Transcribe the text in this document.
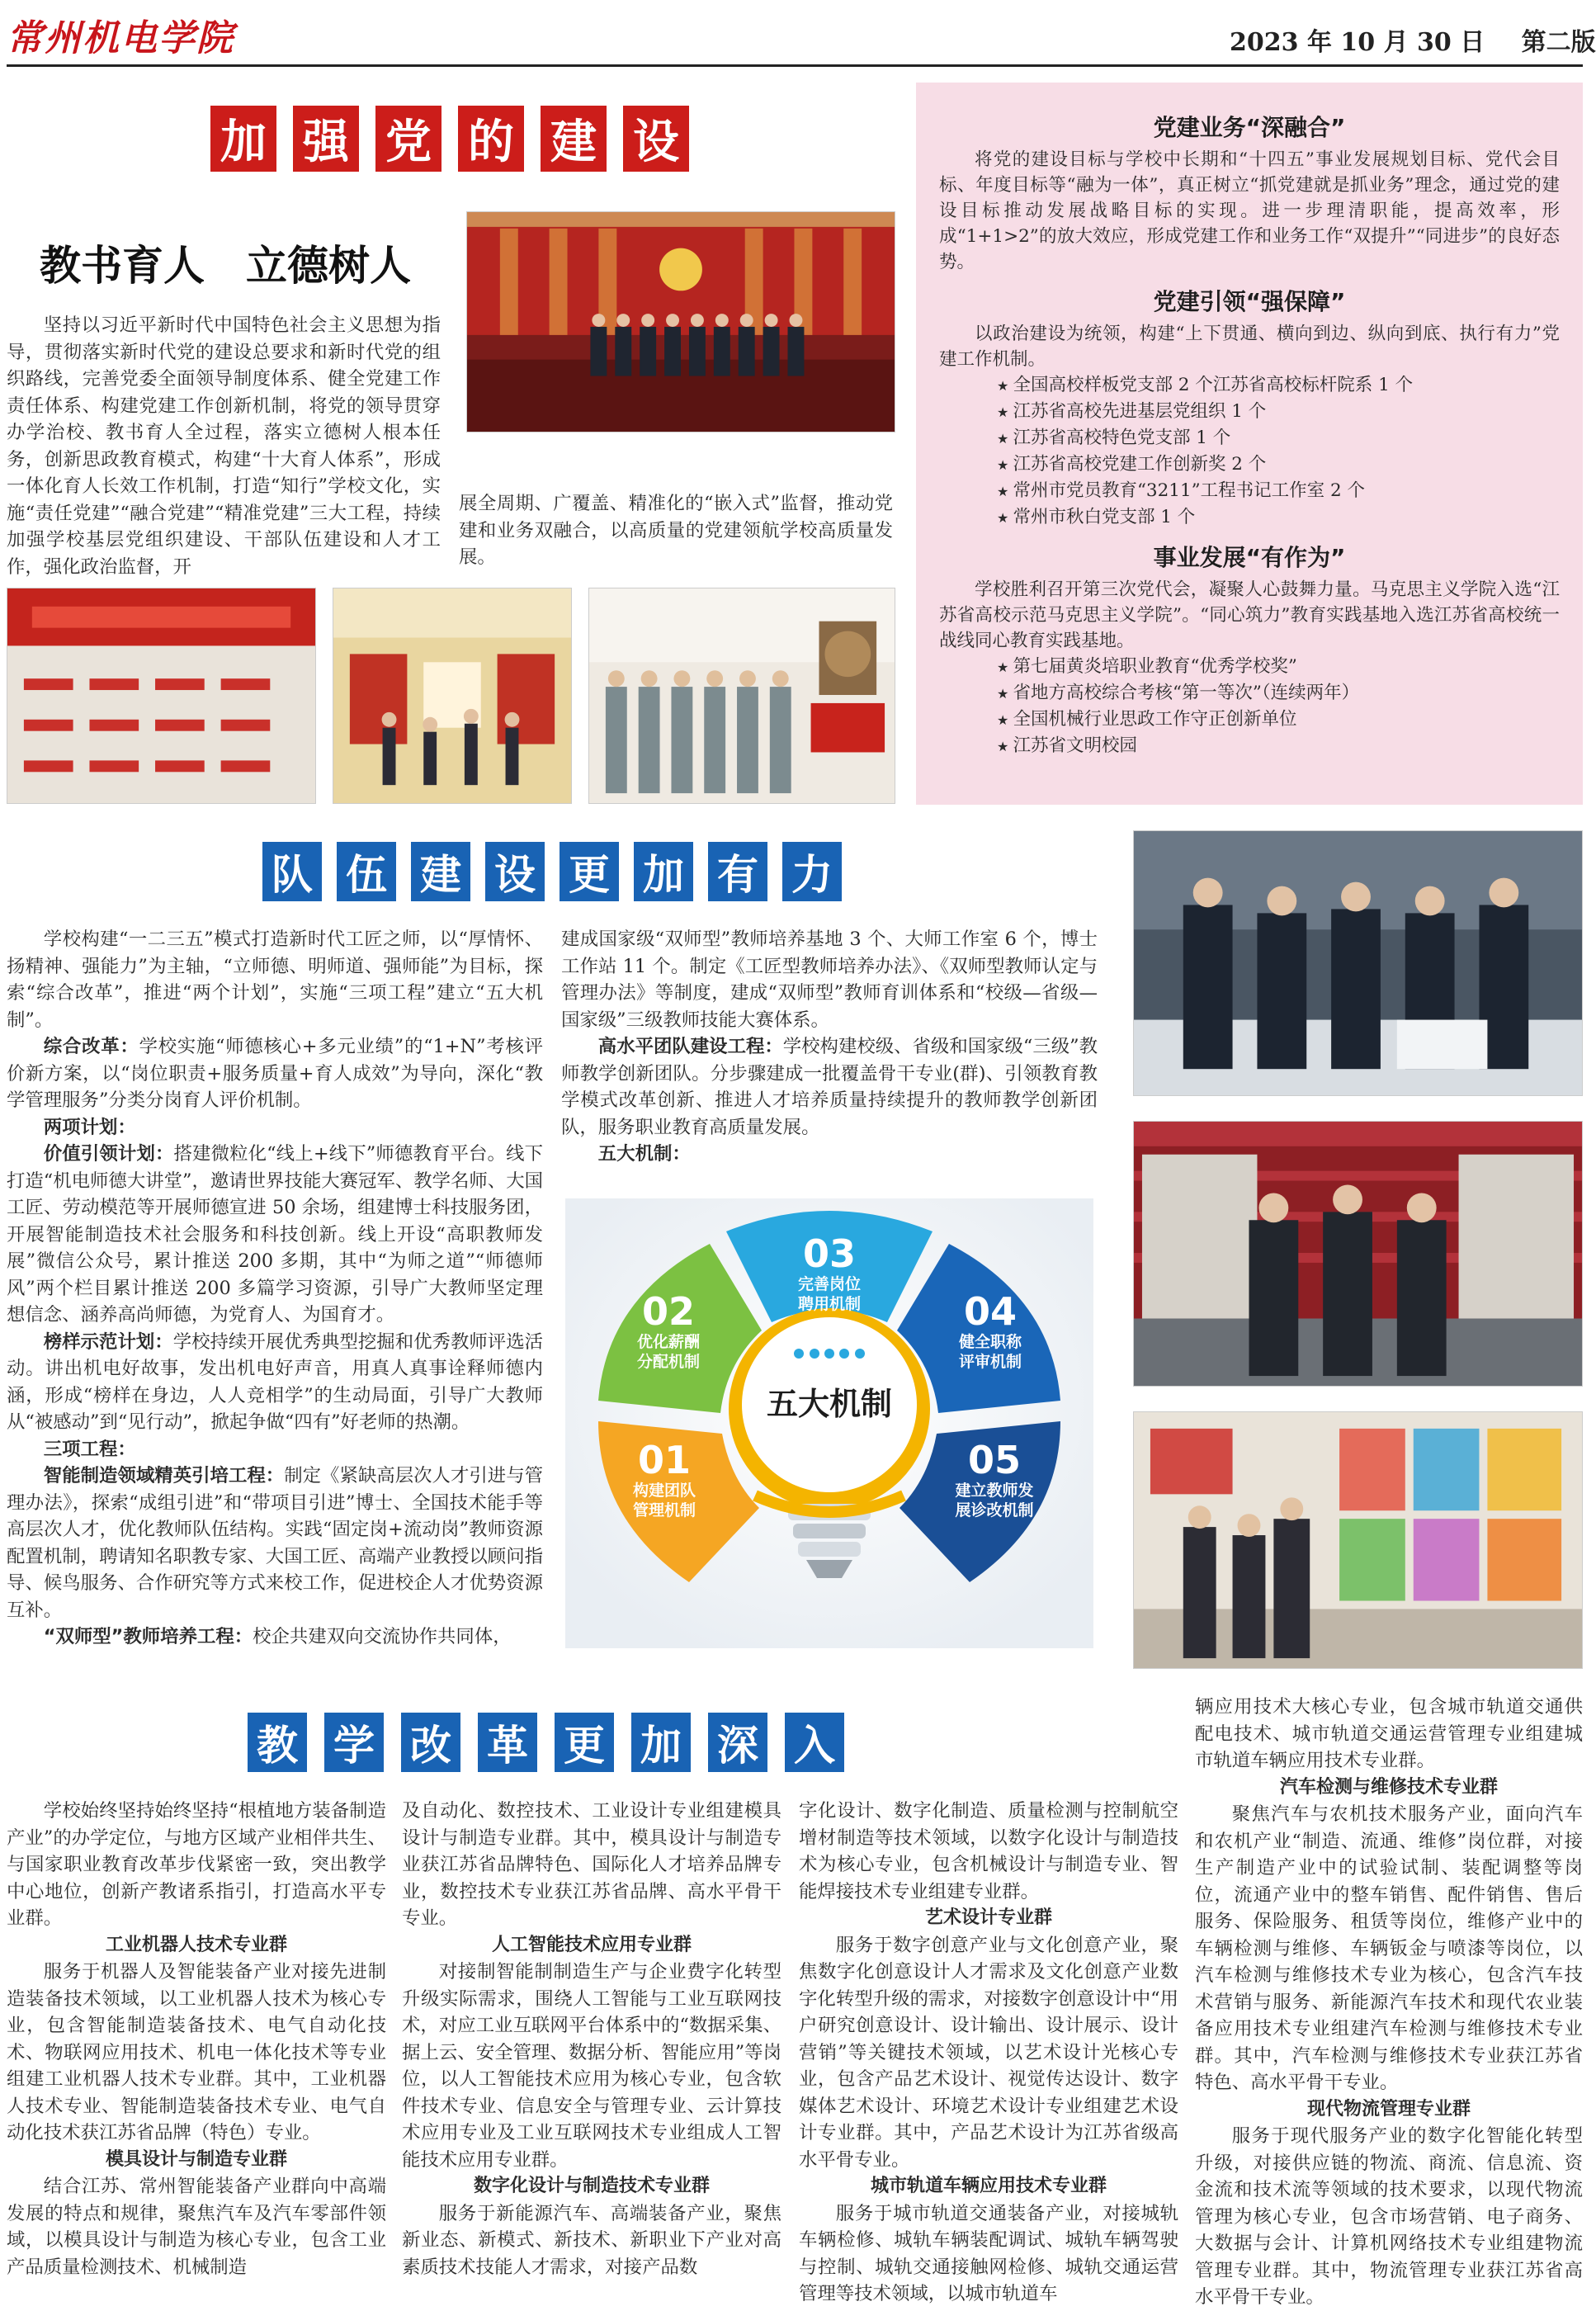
常州机电学院	2023 年 10 月 30 日 第二版
加 强 党 的 建 设
教书育人　立德树人
坚持以习近平新时代中国特色社会主义思想为指导，贯彻落实新时代党的建设总要求和新时代党的组织路线，完善党委全面领导制度体系、健全党建工作责任体系、构建党建工作创新机制，将党的领导贯穿办学治校、教书育人全过程，落实立德树人根本任务，创新思政教育模式，构建“十大育人体系”，形成一体化育人长效工作机制，打造“知行”学校文化，实施“责任党建”“融合党建”“精准党建”三大工程，持续加强学校基层党组织建设、干部队伍建设和人才工作，强化政治监督，开
展全周期、广覆盖、精准化的“嵌入式”监督，推动党建和业务双融合，以高质量的党建领航学校高质量发展。
党建业务“深融合”

将党的建设目标与学校中长期和“十四五”事业发展规划目标、党代会目标、年度目标等“融为一体”，真正树立“抓党建就是抓业务”理念，通过党的建设目标推动发展战略目标的实现。进一步理清职能，提高效率，形成“1+1>2”的放大效应，形成党建工作和业务工作“双提升”“同进步”的良好态势。

党建引领“强保障”

以政治建设为统领，构建“上下贯通、横向到边、纵向到底、执行有力”党建工作机制。

★ 全国高校样板党支部 2 个江苏省高校标杆院系 1 个
★ 江苏省高校先进基层党组织 1 个
★ 江苏省高校特色党支部 1 个
★ 江苏省高校党建工作创新奖 2 个
★ 常州市党员教育“3211”工程书记工作室 2 个
★ 常州市秋白党支部 1 个
事业发展“有作为”

学校胜利召开第三次党代会，凝聚人心鼓舞力量。马克思主义学院入选“江苏省高校示范马克思主义学院”。“同心筑力”教育实践基地入选江苏省高校统一战线同心教育实践基地。

★ 第七届黄炎培职业教育“优秀学校奖”
★ 省地方高校综合考核“第一等次”（连续两年）
★ 全国机械行业思政工作守正创新单位
★ 江苏省文明校园
队 伍 建 设 更 加 有 力

学校构建“一二三五”模式打造新时代工匠之师，以“厚情怀、扬精神、强能力”为主轴，“立师德、明师道、强师能”为目标，探索“综合改革”，推进“两个计划”，实施“三项工程”建立“五大机制”。

综合改革：学校实施“师德核心+多元业绩”的“1+N”考核评价新方案，以“岗位职责+服务质量+育人成效”为导向，深化“教学管理服务”分类分岗育人评价机制。

两项计划：

价值引领计划：搭建微粒化“线上+线下”师德教育平台。线下打造“机电师德大讲堂”，邀请世界技能大赛冠军、教学名师、大国工匠、劳动模范等开展师德宣进 50 余场，组建博士科技服务团，开展智能制造技术社会服务和科技创新。线上开设“高职教师发展”微信公众号，累计推送 200 多期，其中“为师之道”“师德师风”两个栏目累计推送 200 多篇学习资源，引导广大教师坚定理想信念、涵养高尚师德，为党育人、为国育才。

榜样示范计划：学校持续开展优秀典型挖掘和优秀教师评选活动。讲出机电好故事，发出机电好声音，用真人真事诠释师德内涵，形成“榜样在身边，人人竞相学”的生动局面，引导广大教师从“被感动”到“见行动”，掀起争做“四有”好老师的热潮。

三项工程：

智能制造领域精英引培工程：制定《紧缺高层次人才引进与管理办法》，探索“成组引进”和“带项目引进”博士、全国技术能手等高层次人才，优化教师队伍结构。实践“固定岗+流动岗”教师资源配置机制，聘请知名职教专家、大国工匠、高端产业教授以顾问指导、候鸟服务、合作研究等方式来校工作，促进校企人才优势资源互补。

“双师型”教师培养工程：校企共建双向交流协作共同体，

建成国家级“双师型”教师培养基地 3 个、大师工作室 6 个，博士工作站 11 个。制定《工匠型教师培养办法》、《双师型教师认定与管理办法》等制度，建成“双师型”教师育训体系和“校级—省级—国家级”三级教师技能大赛体系。

高水平团队建设工程：学校构建校级、省级和国家级“三级”教师教学创新团队。分步骤建成一批覆盖骨干专业(群)、引领教育教学模式改革创新、推进人才培养质量持续提升的教师教学创新团队，服务职业教育高质量发展。

五大机制：

五大机制
03
完善岗位聘用机制
02
优化薪酬分配机制
04
健全职称评审机制
01
构建团队管理机制
05
建立教师发展诊改机制
教 学 改 革 更 加 深 入

学校始终坚持始终坚持“根植地方装备制造产业”的办学定位，与地方区域产业相伴共生、与国家职业教育改革步伐紧密一致，突出教学中心地位，创新产教诸系指引，打造高水平专业群。

工业机器人技术专业群

服务于机器人及智能装备产业对接先进制造装备技术领域，以工业机器人技术为核心专业，包含智能制造装备技术、电气自动化技术、物联网应用技术、机电一体化技术等专业组建工业机器人技术专业群。其中，工业机器人技术专业、智能制造装备技术专业、电气自动化技术获江苏省品牌（特色）专业。

模具设计与制造专业群

结合江苏、常州智能装备产业群向中高端发展的特点和规律，聚焦汽车及汽车零部件领域，以模具设计与制造为核心专业，包含工业产品质量检测技术、机械制造

及自动化、数控技术、工业设计专业组建模具设计与制造专业群。其中，模具设计与制造专业获江苏省品牌特色、国际化人才培养品牌专业，数控技术专业获江苏省品牌、高水平骨干专业。

人工智能技术应用专业群

对接制智能制制造生产与企业费字化转型升级实际需求，围绕人工智能与工业互联网技术，对应工业互联网平台体系中的“数据采集、据上云、安全管理、数据分析、智能应用”等岗位，以人工智能技术应用为核心专业，包含软件技术专业、信息安全与管理专业、云计算技术应用专业及工业互联网技术专业组成人工智能技术应用专业群。

数字化设计与制造技术专业群

服务于新能源汽车、高端装备产业，聚焦新业态、新模式、新技术、新职业下产业对高素质技术技能人才需求，对接产品数

字化设计、数字化制造、质量检测与控制航空增材制造等技术领域，以数字化设计与制造技术为核心专业，包含机械设计与制造专业、智能焊接技术专业组建专业群。

艺术设计专业群

服务于数字创意产业与文化创意产业，聚焦数字化创意设计人才需求及文化创意产业数字化转型升级的需求，对接数字创意设计中“用户研究创意设计、设计输出、设计展示、设计营销”等关键技术领域，以艺术设计光核心专业，包含产品艺术设计、视觉传达设计、数字媒体艺术设计、环境艺术设计专业组建艺术设计专业群。其中，产品艺术设计为江苏省级高水平骨专业。

城市轨道车辆应用技术专业群

服务于城市轨道交通装备产业，对接城轨车辆检修、城轨车辆装配调试、城轨车辆驾驶与控制、城轨交通接触网检修、城轨交通运营管理等技术领域，以城市轨道车

辆应用技术大核心专业，包含城市轨道交通供配电技术、城市轨道交通运营管理专业组建城市轨道车辆应用技术专业群。

汽车检测与维修技术专业群

聚焦汽车与农机技术服务产业，面向汽车和农机产业“制造、流通、维修”岗位群，对接生产制造产业中的试验试制、装配调整等岗位，流通产业中的整车销售、配件销售、售后服务、保险服务、租赁等岗位，维修产业中的车辆检测与维修、车辆钣金与喷漆等岗位，以汽车检测与维修技术专业为核心，包含汽车技术营销与服务、新能源汽车技术和现代农业装备应用技术专业组建汽车检测与维修技术专业群。其中，汽车检测与维修技术专业获江苏省特色、高水平骨干专业。

现代物流管理专业群

服务于现代服务产业的数字化智能化转型升级，对接供应链的物流、商流、信息流、资金流和技术流等领域的技术要求，以现代物流管理为核心专业，包含市场营销、电子商务、大数据与会计、计算机网络技术专业组建物流管理专业群。其中，物流管理专业获江苏省高水平骨干专业。
